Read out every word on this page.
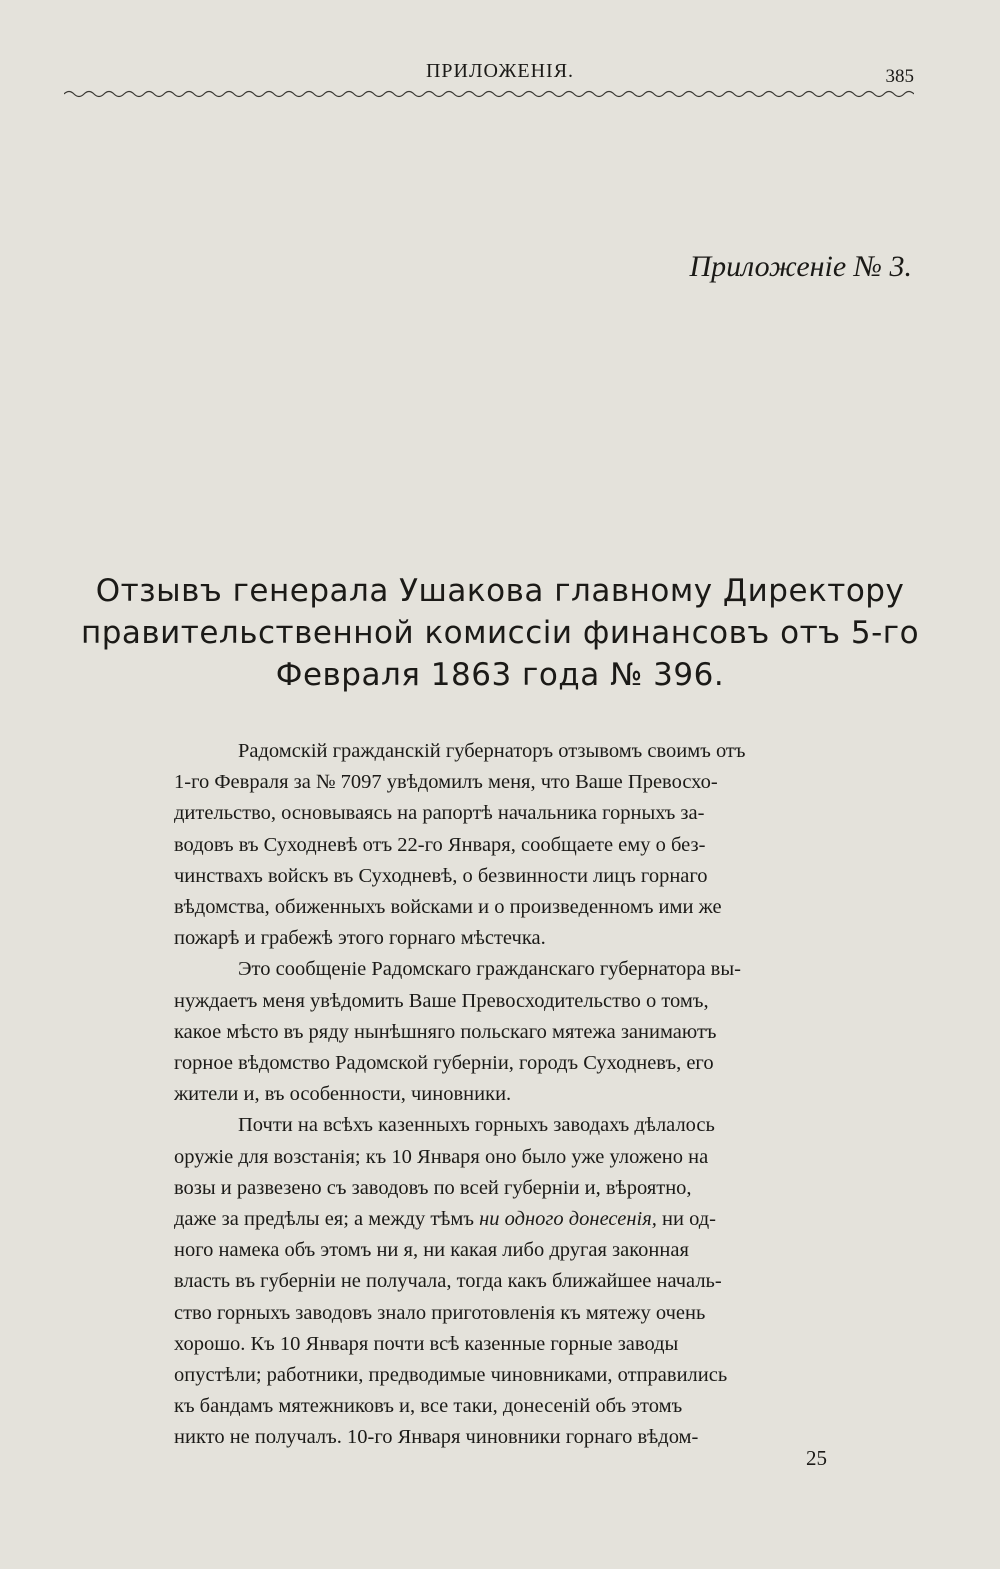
ПРИЛОЖЕНІЯ.	385
Приложеніе № 3.
Отзывъ генерала Ушакова главному Директору
правительственной комиссіи финансовъ отъ 5-го
Февраля 1863 года № 396.

Радомскій гражданскій губернаторъ отзывомъ своимъ отъ
1-го Февраля за № 7097 увѣдомилъ меня, что Ваше Превосхо-
дительство, основываясь на рапортѣ начальника горныхъ за-
водовъ въ Суходневѣ отъ 22-го Января, сообщаете ему о без-
чинствахъ войскъ въ Суходневѣ, о безвинности лицъ горнаго
вѣдомства, обиженныхъ войсками и о произведенномъ ими же
пожарѣ и грабежѣ этого горнаго мѣстечка.

Это сообщеніе Радомскаго гражданскаго губернатора вы-
нуждаетъ меня увѣдомить Ваше Превосходительство о томъ,
какое мѣсто въ ряду нынѣшняго польскаго мятежа занимаютъ
горное вѣдомство Радомской губерніи, городъ Суходневъ, его
жители и, въ особенности, чиновники.

Почти на всѣхъ казенныхъ горныхъ заводахъ дѣлалось
оружіе для возстанія; къ 10 Января оно было уже уложено на
возы и развезено съ заводовъ по всей губерніи и, вѣроятно,
даже за предѣлы ея; а между тѣмъ ни одного донесенія, ни од-
ного намека объ этомъ ни я, ни какая либо другая законная
власть въ губерніи не получала, тогда какъ ближайшее началь-
ство горныхъ заводовъ знало приготовленія къ мятежу очень
хорошо. Къ 10 Января почти всѣ казенные горные заводы
опустѣли; работники, предводимые чиновниками, отправились
къ бандамъ мятежниковъ и, все таки, донесеній объ этомъ
никто не получалъ. 10-го Января чиновники горнаго вѣдом-

25
